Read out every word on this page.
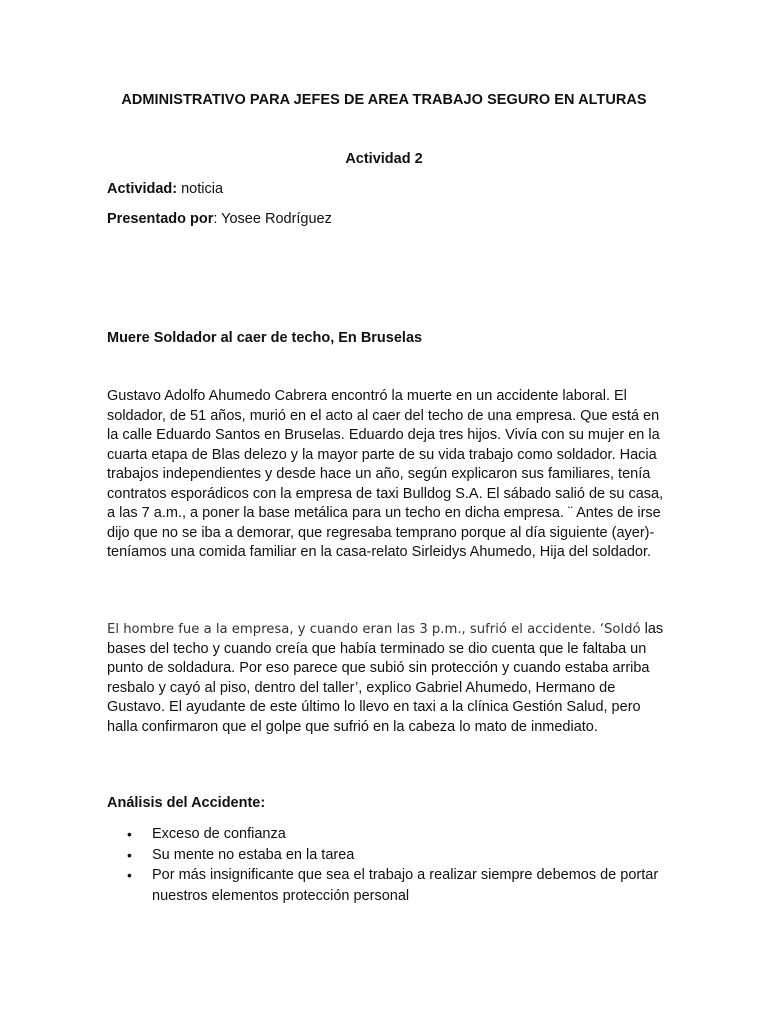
ADMINISTRATIVO PARA JEFES DE AREA TRABAJO SEGURO EN ALTURAS
Actividad 2
Actividad: noticia
Presentado por: Yosee Rodríguez
Muere Soldador al caer de techo, En Bruselas

Gustavo Adolfo Ahumedo Cabrera encontró la muerte en un accidente laboral. El soldador, de 51 años, murió en el acto al caer del techo de una empresa. Que está en la calle Eduardo Santos en Bruselas. Eduardo deja tres hijos. Vivía con su mujer en la cuarta etapa de Blas delezo y la mayor parte de su vida trabajo como soldador. Hacia trabajos independientes y desde hace un año, según explicaron sus familiares, tenía contratos esporádicos con la empresa de taxi Bulldog S.A. El sábado salió de su casa, a las 7 a.m., a poner la base metálica para un techo en dicha empresa. ¨ Antes de irse dijo que no se iba a demorar, que regresaba temprano porque al día siguiente (ayer)- teníamos una comida familiar en la casa-relato Sirleidys Ahumedo, Hija del soldador.

El hombre fue a la empresa, y cuando eran las 3 p.m., sufrió el accidente. ‘Soldó las bases del techo y cuando creía que había terminado se dio cuenta que le faltaba un punto de soldadura. Por eso parece que subió sin protección y cuando estaba arriba resbalo y cayó al piso, dentro del taller’, explico Gabriel Ahumedo, Hermano de Gustavo. El ayudante de este último lo llevo en taxi a la clínica Gestión Salud, pero halla confirmaron que el golpe que sufrió en la cabeza lo mato de inmediato.

Análisis del Accidente:
• Exceso de confianza
• Su mente no estaba en la tarea
• Por más insignificante que sea el trabajo a realizar siempre debemos de portar nuestros elementos protección personal
